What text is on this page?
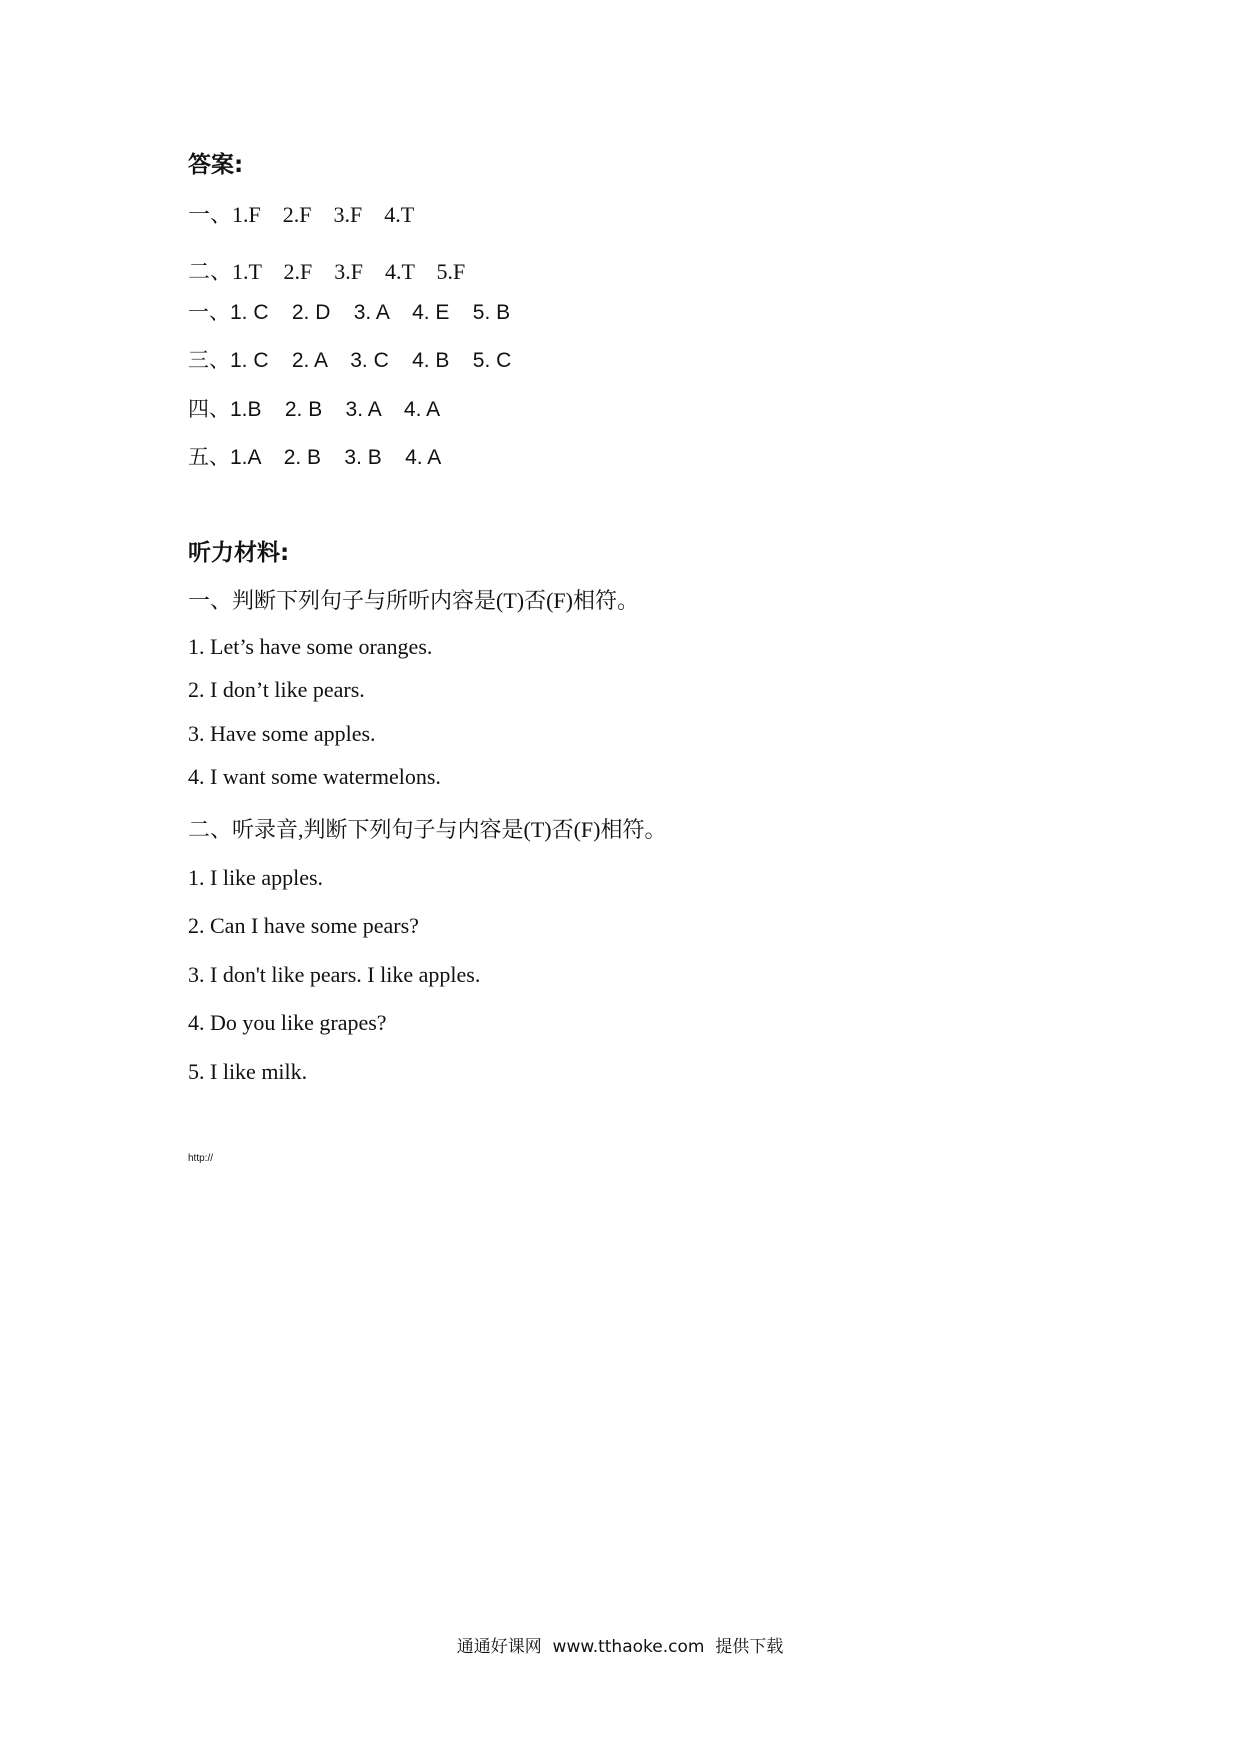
答案:
一、1.F    2.F    3.F    4.T
二、1.T    2.F    3.F    4.T    5.F
一、1. C    2. D    3. A    4. E    5. B
三、1. C    2. A    3. C    4. B    5. C
四、1.B    2. B    3. A    4. A
五、1.A    2. B    3. B    4. A
听力材料:
一、判断下列句子与所听内容是(T)否(F)相符。
1. Let’s have some oranges.
2. I don’t like pears.
3. Have some apples.
4. I want some watermelons.
二、听录音,判断下列句子与内容是(T)否(F)相符。
1. I like apples.
2. Can I have some pears?
3. I don't like pears. I like apples.
4. Do you like grapes?
5. I like milk.
http://
通通好课网  www.tthaoke.com  提供下载
